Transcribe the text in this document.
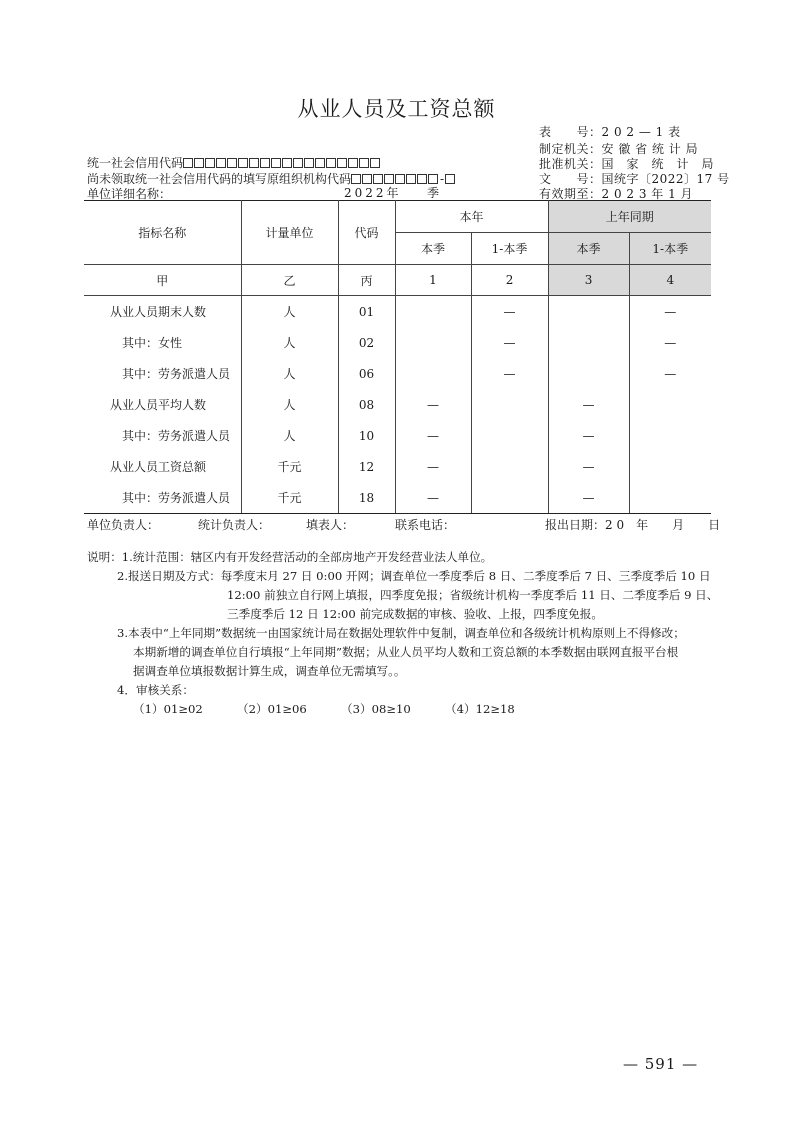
从业人员及工资总额
表　　号：2 0 2 — 1 表
制定机关：安 徽 省 统 计 局
批准机关：国　家　统　计　局
文　　号：国统字〔2022〕17 号
有效期至：2 0 2 3 年 1 月
统一社会信用代码
尚未领取统一社会信用代码的填写原组织机构代码	-
单位详细名称：	2022年 季
指标名称	计量单位	代码	本年		上年同期	
			本季	1-本季	本季	1-本季
甲	乙	丙	1	2	3	4
从业人员期末人数	人	01		—		—
其中：女性	人	02		—		—
其中：劳务派遣人员	人	06		—		—
从业人员平均人数	人	08	—		—	
其中：劳务派遣人员	人	10	—		—	
从业人员工资总额	千元	12	—		—	
其中：劳务派遣人员	千元	18	—		—	
单位负责人：	统计负责人：	填表人：	联系电话：	报出日期：2 0　年　　月　　日
说明：1.统计范围：辖区内有开发经营活动的全部房地产开发经营业法人单位。
2.报送日期及方式：每季度末月 27 日 0:00 开网；调查单位一季度季后 8 日、二季度季后 7 日、三季度季后 10 日
12:00 前独立自行网上填报，四季度免报；省级统计机构一季度季后 11 日、二季度季后 9 日、
三季度季后 12 日 12:00 前完成数据的审核、验收、上报，四季度免报。
3.本表中“上年同期”数据统一由国家统计局在数据处理软件中复制，调查单位和各级统计机构原则上不得修改；
本期新增的调查单位自行填报“上年同期”数据；从业人员平均人数和工资总额的本季数据由联网直报平台根
据调查单位填报数据计算生成，调查单位无需填写。。
4．审核关系：
（1）01≥02	（2）01≥06	（3）08≥10	（4）12≥18
— 591 —
